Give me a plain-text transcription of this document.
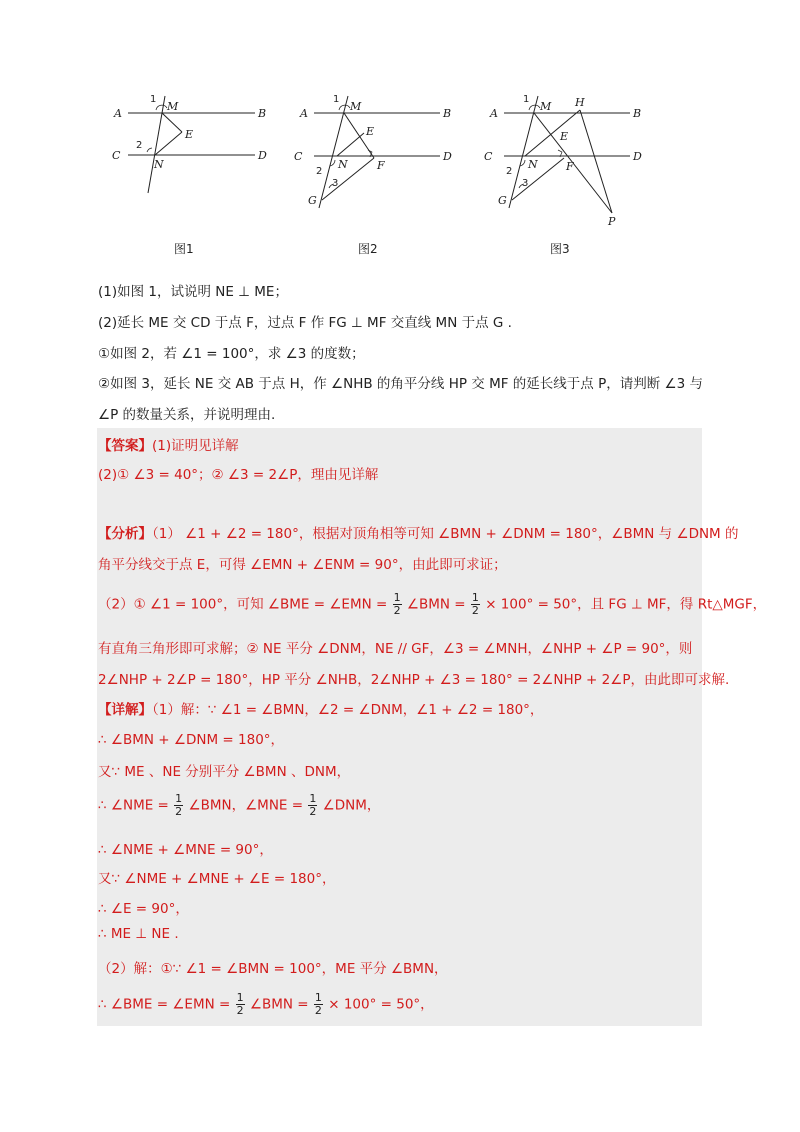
A	B
C	D
M
N
E
1
2
图1
A	B
C	D
M
N
E
F
G
1
2
3
图2
A	B
C	D
M
N
E
F
G
H
P
1
2
3
图3
(1)如图 1，试说明 NE ⊥ ME；
(2)延长 ME 交 CD 于点 F，过点 F 作 FG ⊥ MF 交直线 MN 于点 G .
①如图 2，若 ∠1 = 100°，求 ∠3 的度数；
②如图 3，延长 NE 交 AB 于点 H，作 ∠NHB 的角平分线 HP 交 MF 的延长线于点 P，请判断 ∠3 与
∠P 的数量关系，并说明理由.
【答案】(1)证明见详解
(2)① ∠3 = 40°；② ∠3 = 2∠P，理由见详解
【分析】（1） ∠1 + ∠2 = 180°，根据对顶角相等可知 ∠BMN + ∠DNM = 180°，∠BMN 与 ∠DNM 的
角平分线交于点 E，可得 ∠EMN + ∠ENM = 90°，由此即可求证；
（2）① ∠1 = 100°，可知 ∠BME = ∠EMN = $\frac{1}{2}$ ∠BMN = $\frac{1}{2} \times 100^\circ = 50^\circ$，且 FG ⊥ MF，得 Rt△MGF，
有直角三角形即可求解；② NE 平分 ∠DNM，NE // GF，∠3 = ∠MNH，∠NHP + ∠P = 90°，则
2∠NHP + 2∠P = 180°，HP 平分 ∠NHB，2∠NHP + ∠3 = 180° = 2∠NHP + 2∠P，由此即可求解.
【详解】（1）解：∵ ∠1 = ∠BMN，∠2 = ∠DNM，∠1 + ∠2 = 180°，
∴ ∠BMN + ∠DNM = 180°，
又∵ ME 、NE 分别平分 ∠BMN 、DNM，
∴ ∠NME = $\frac{1}{2}$ ∠BMN，∠MNE = $\frac{1}{2}$ ∠DNM，
∴ ∠NME + ∠MNE = 90°，
又∵ ∠NME + ∠MNE + ∠E = 180°，
∴ ∠E = 90°，
∴ ME ⊥ NE .
（2）解：①∵ ∠1 = ∠BMN = 100°，ME 平分 ∠BMN，
∴ ∠BME = ∠EMN = $\frac{1}{2}$ ∠BMN = $\frac{1}{2} \times 100^\circ = 50^\circ$，
